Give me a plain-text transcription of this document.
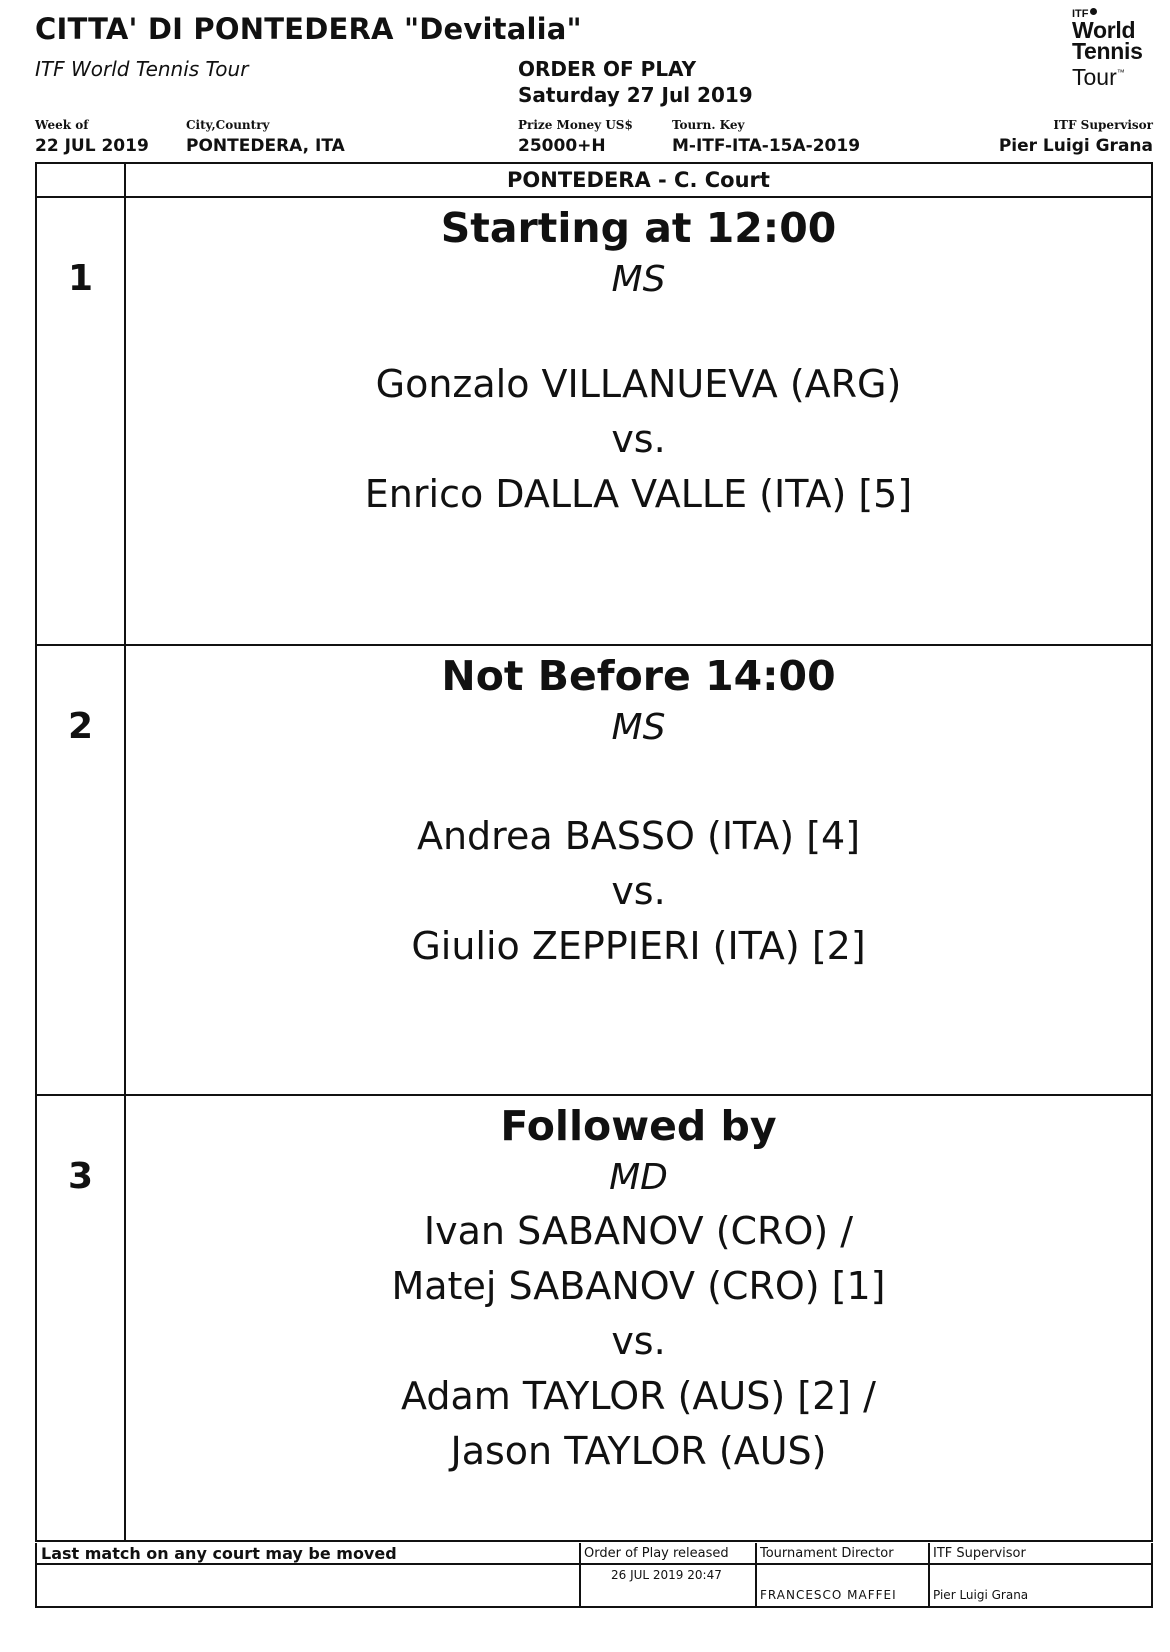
CITTA' DI PONTEDERA "Devitalia"
ITF World Tennis Tour	ORDER OF PLAY
Saturday 27 Jul 2019
ITF
World
Tennis
Tour™
Week of
22 JUL 2019
City,Country
PONTEDERA, ITA
Prize Money US$
25000+H
Tourn. Key
M-ITF-ITA-15A-2019
ITF Supervisor
Pier Luigi Grana
PONTEDERA - C. Court
1
Starting at 12:00
MS
Gonzalo VILLANUEVA (ARG)
vs.
Enrico DALLA VALLE (ITA) [5]
2
Not Before 14:00
MS
Andrea BASSO (ITA) [4]
vs.
Giulio ZEPPIERI (ITA) [2]
3
Followed by
MD
Ivan SABANOV (CRO) /
Matej SABANOV (CRO) [1]
vs.
Adam TAYLOR (AUS) [2] /
Jason TAYLOR (AUS)
Last match on any court may be moved	Order of Play released
26 JUL 2019 20:47
Tournament Director
FRANCESCO MAFFEI
ITF Supervisor
Pier Luigi Grana
